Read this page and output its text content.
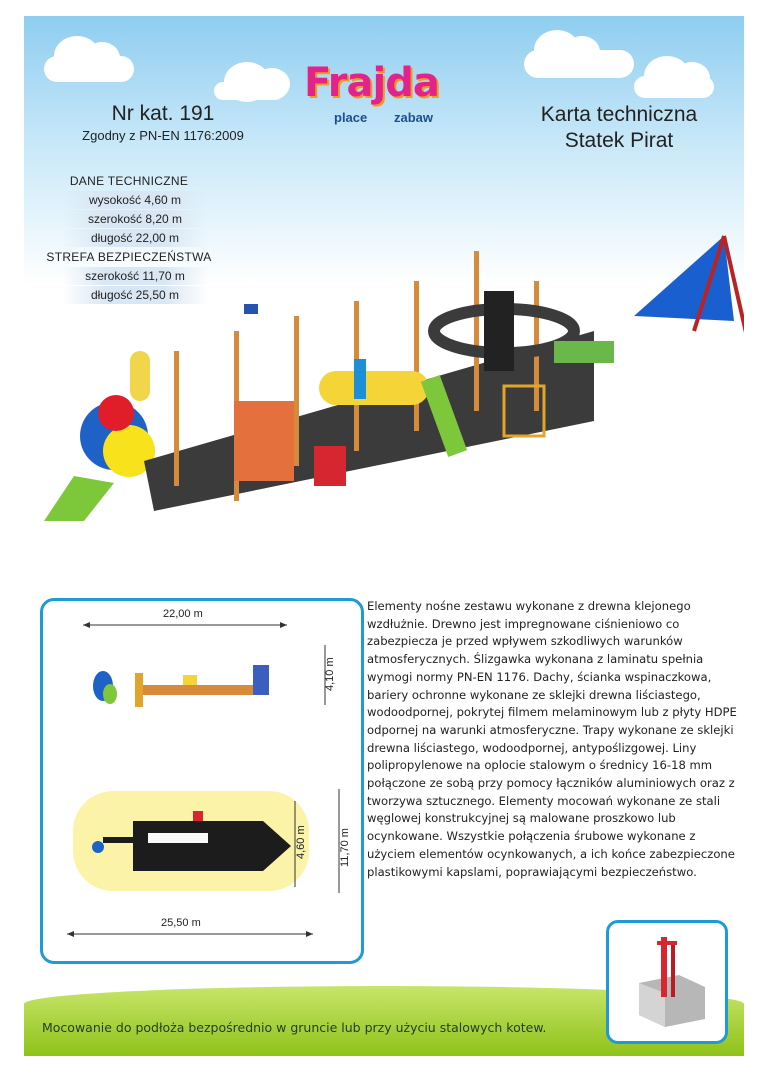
Frajda
place zabaw
Nr kat. 191
Zgodny z PN-EN 1176:2009
Karta techniczna
Statek Pirat
DANE TECHNICZNE
wysokość 4,60 m
szerokość 8,20 m
długość 22,00 m
STREFA BEZPIECZEŃSTWA
szerokość 11,70 m
długość 25,50 m
22,00 m
4,10 m
4,60 m	11,70 m
25,50 m
Elementy nośne zestawu wykonane z drewna klejonego wzdłużnie. Drewno jest impregnowane ciśnieniowo co zabezpiecza je przed wpływem szkodliwych warunków atmosferycznych. Ślizgawka wykonana z laminatu spełnia wymogi normy PN-EN 1176. Dachy, ścianka wspinaczkowa, bariery ochronne wykonane ze sklejki drewna liściastego, wodoodpornej, pokrytej filmem melaminowym lub z płyty HDPE odpornej na warunki atmosferyczne. Trapy wykonane ze sklejki drewna liściastego, wodoodpornej, antypoślizgowej. Liny polipropylenowe na oplocie stalowym o średnicy 16-18 mm połączone ze sobą przy pomocy łączników aluminiowych oraz z tworzywa sztucznego. Elementy mocowań wykonane ze stali węglowej konstrukcyjnej są malowane proszkowo lub ocynkowane. Wszystkie połączenia śrubowe wykonane z użyciem elementów ocynkowanych, a ich końce zabezpieczone plastikowymi kapslami, poprawiającymi bezpieczeństwo.
Mocowanie do podłoża bezpośrednio w gruncie lub przy użyciu stalowych kotew.
